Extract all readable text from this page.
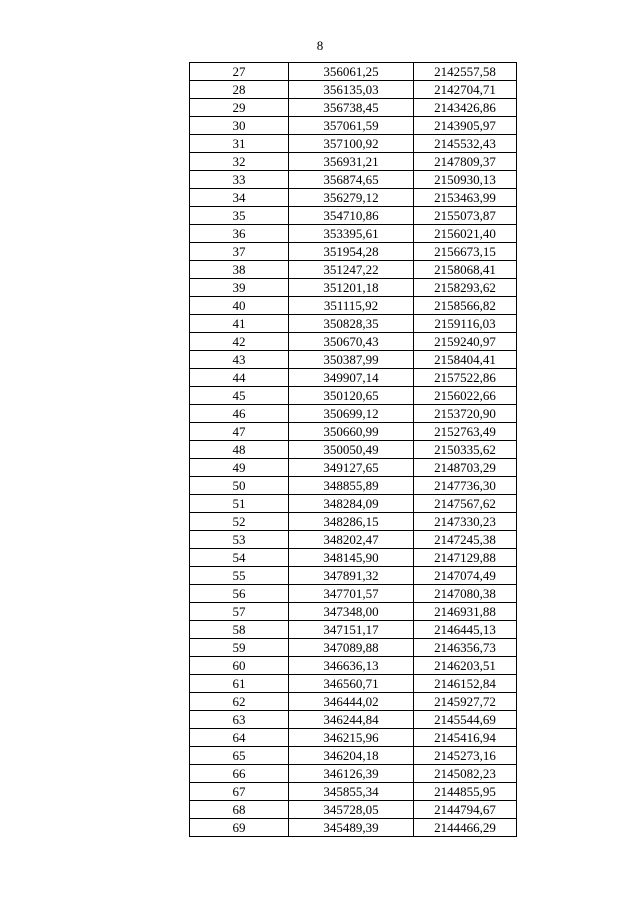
8
27	356061,25	2142557,58
28	356135,03	2142704,71
29	356738,45	2143426,86
30	357061,59	2143905,97
31	357100,92	2145532,43
32	356931,21	2147809,37
33	356874,65	2150930,13
34	356279,12	2153463,99
35	354710,86	2155073,87
36	353395,61	2156021,40
37	351954,28	2156673,15
38	351247,22	2158068,41
39	351201,18	2158293,62
40	351115,92	2158566,82
41	350828,35	2159116,03
42	350670,43	2159240,97
43	350387,99	2158404,41
44	349907,14	2157522,86
45	350120,65	2156022,66
46	350699,12	2153720,90
47	350660,99	2152763,49
48	350050,49	2150335,62
49	349127,65	2148703,29
50	348855,89	2147736,30
51	348284,09	2147567,62
52	348286,15	2147330,23
53	348202,47	2147245,38
54	348145,90	2147129,88
55	347891,32	2147074,49
56	347701,57	2147080,38
57	347348,00	2146931,88
58	347151,17	2146445,13
59	347089,88	2146356,73
60	346636,13	2146203,51
61	346560,71	2146152,84
62	346444,02	2145927,72
63	346244,84	2145544,69
64	346215,96	2145416,94
65	346204,18	2145273,16
66	346126,39	2145082,23
67	345855,34	2144855,95
68	345728,05	2144794,67
69	345489,39	2144466,29
